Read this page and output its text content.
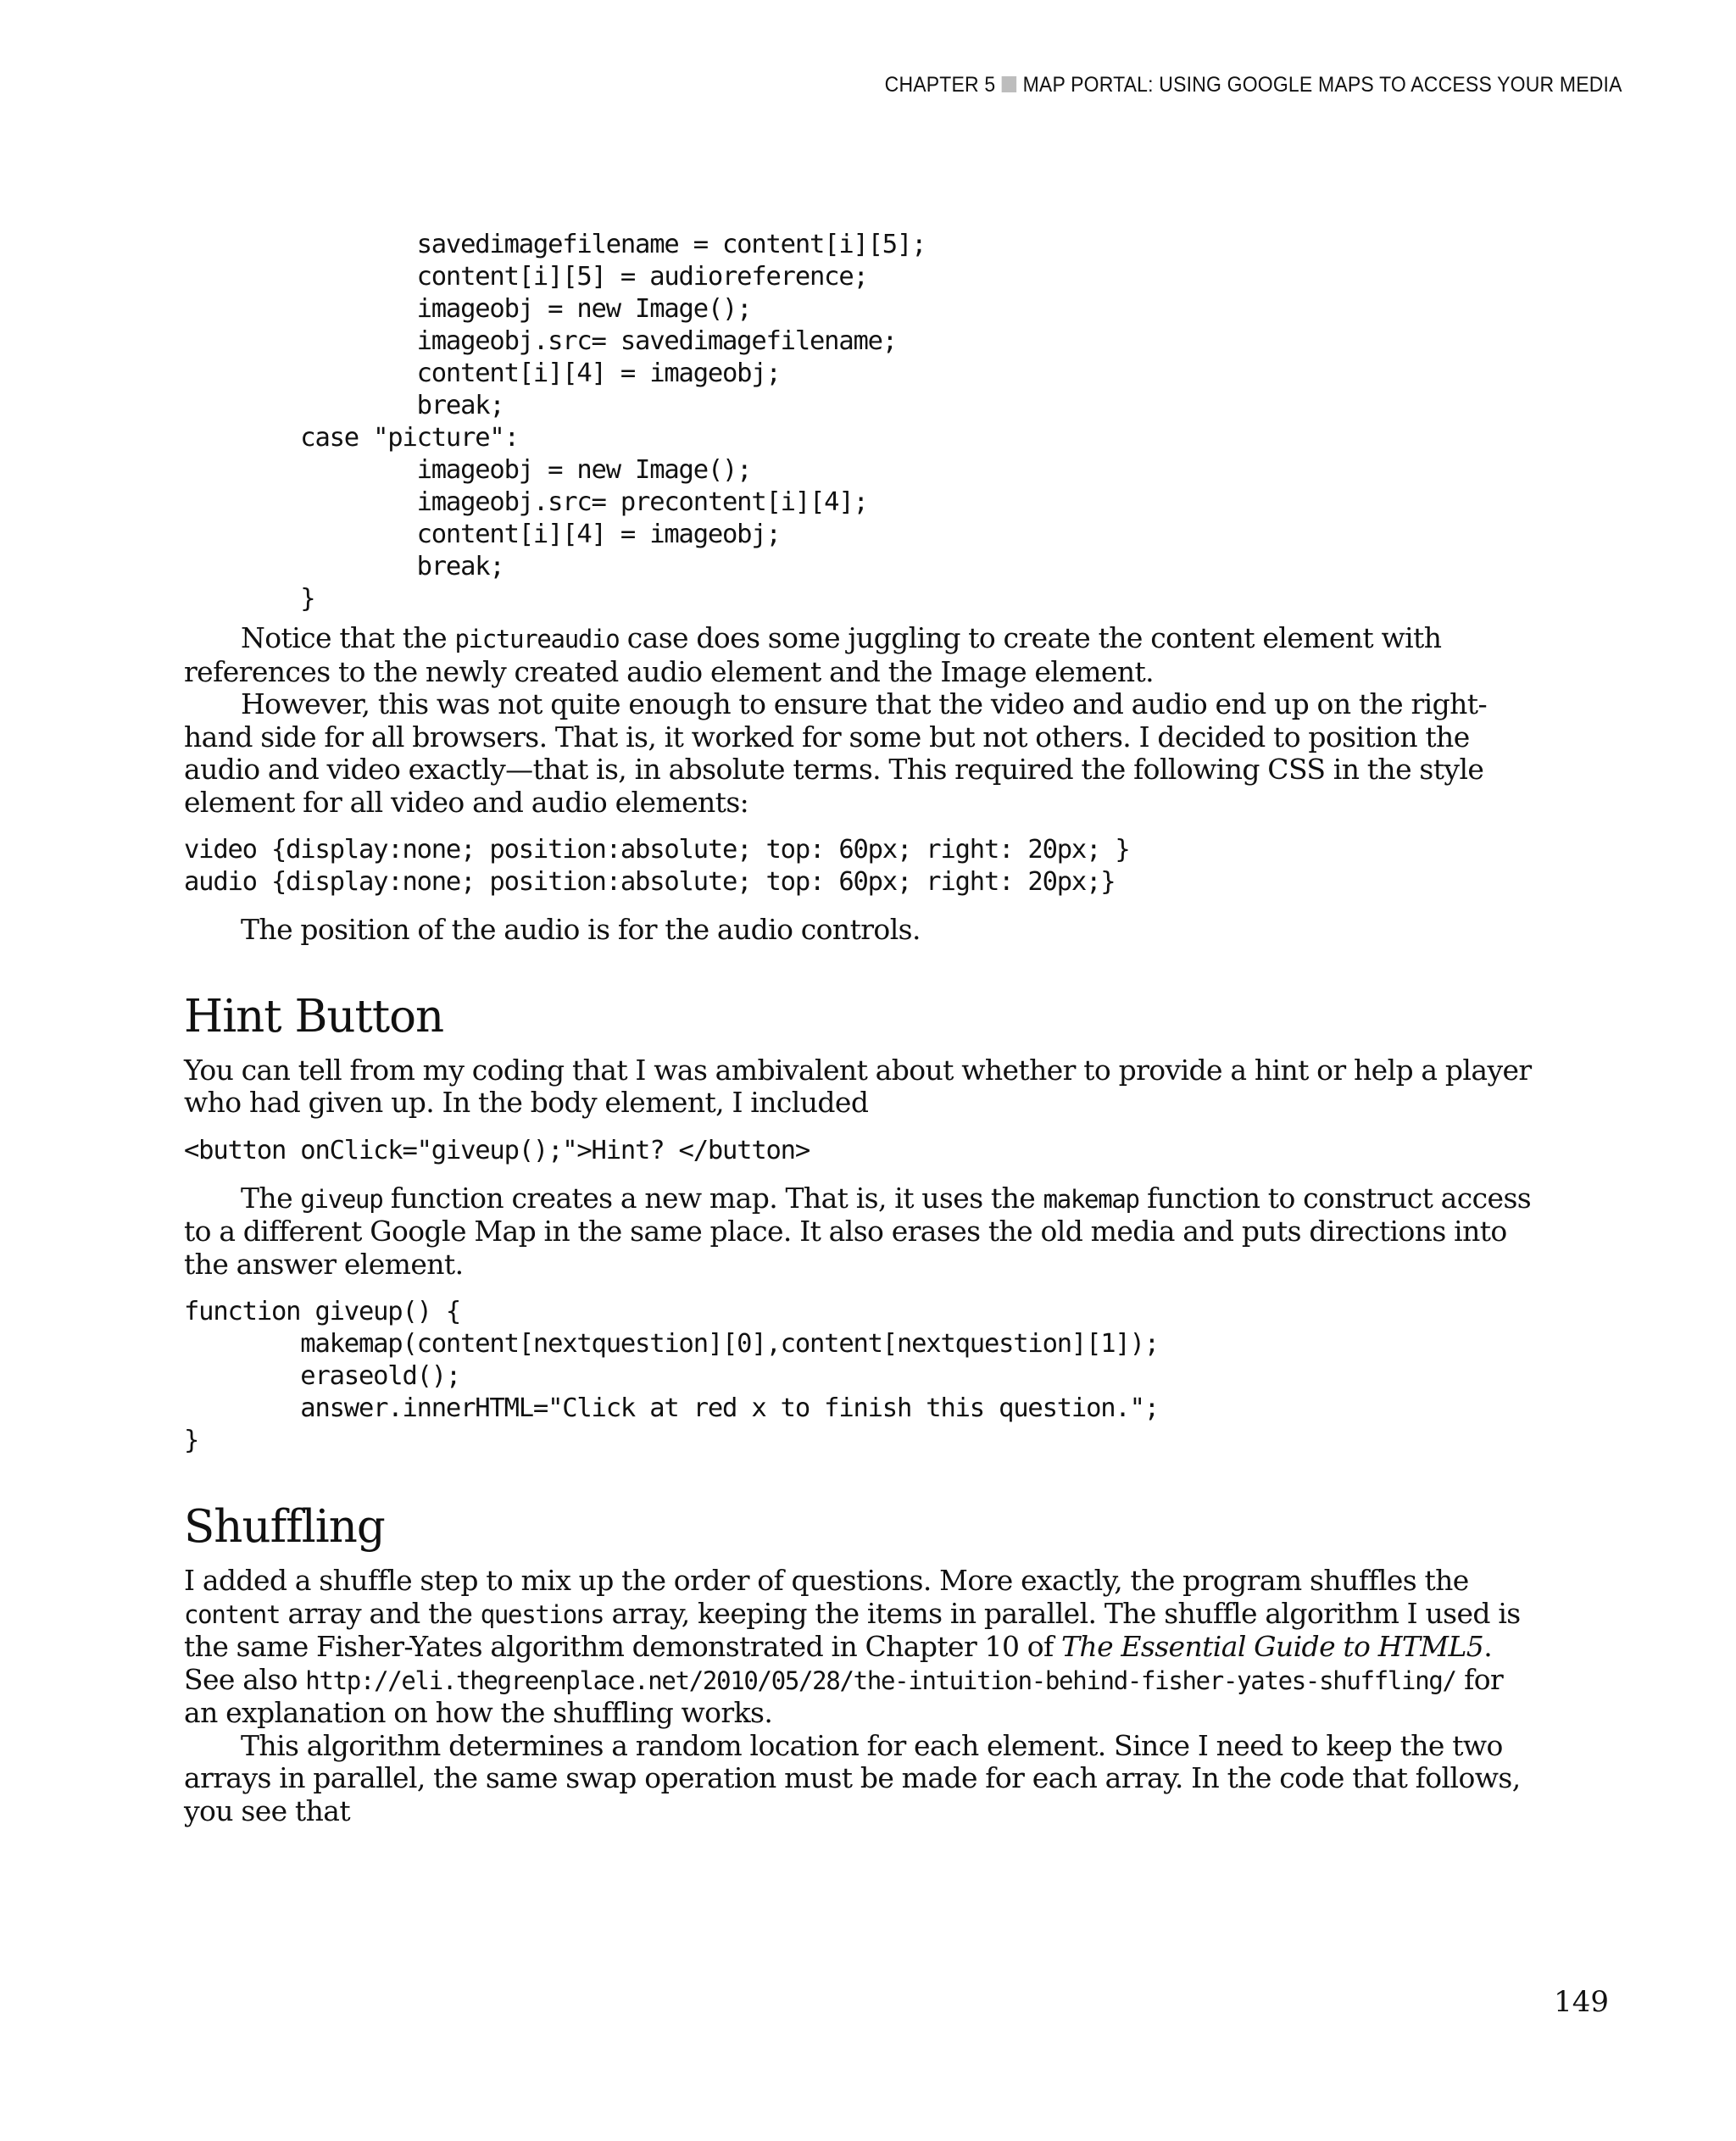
CHAPTER 5 MAP PORTAL: USING GOOGLE MAPS TO ACCESS YOUR MEDIA
savedimagefilename = content[i][5];
content[i][5] = audioreference;
imageobj = new Image();
imageobj.src= savedimagefilename;
content[i][4] = imageobj;
break;
case "picture":
imageobj = new Image();
imageobj.src= precontent[i][4];
content[i][4] = imageobj;
break;
}

Notice that the pictureaudio case does some juggling to create the content element with references to the newly created audio element and the Image element.

However, this was not quite enough to ensure that the video and audio end up on the right-hand side for all browsers. That is, it worked for some but not others. I decided to position the audio and video exactly—that is, in absolute terms. This required the following CSS in the style element for all video and audio elements:

video {display:none; position:absolute; top: 60px; right: 20px; }
audio {display:none; position:absolute; top: 60px; right: 20px;}

The position of the audio is for the audio controls.

Hint Button

You can tell from my coding that I was ambivalent about whether to provide a hint or help a player who had given up. In the body element, I included

<button onClick="giveup();">Hint? </button>

The giveup function creates a new map. That is, it uses the makemap function to construct access to a different Google Map in the same place. It also erases the old media and puts directions into the answer element.

function giveup() {
makemap(content[nextquestion][0],content[nextquestion][1]);
eraseold();
answer.innerHTML="Click at red x to finish this question.";
}
Shuffling

I added a shuffle step to mix up the order of questions. More exactly, the program shuffles the content array and the questions array, keeping the items in parallel. The shuffle algorithm I used is the same Fisher-Yates algorithm demonstrated in Chapter 10 of The Essential Guide to HTML5. See also http://eli.thegreenplace.net/2010/05/28/the-intuition-behind-fisher-yates-shuffling/ for an explanation on how the shuffling works.

This algorithm determines a random location for each element. Since I need to keep the two arrays in parallel, the same swap operation must be made for each array. In the code that follows, you see that

149
